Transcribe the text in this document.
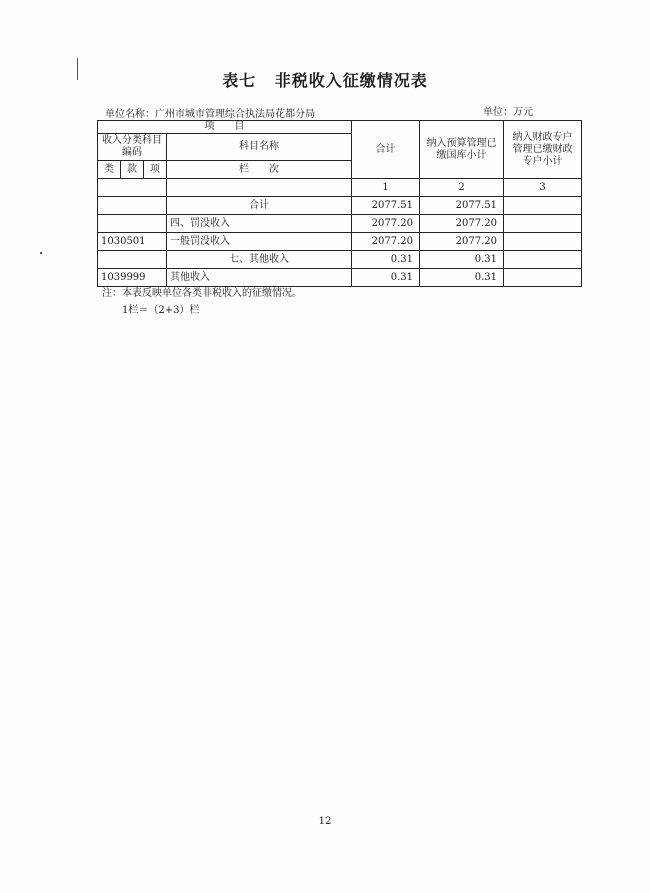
表七 非税收入征缴情况表
单位名称：广州市城市管理综合执法局花都分局	单位：万元
项　　目				合计	纳入预算管理已缴国库小计	纳入财政专户管理已缴财政专户小计
收入分类科目编码			科目名称			
类	款	项				
			栏　　次			
				1	2	3
			合计	2077.51	2077.51	
			四、罚没收入	2077.20	2077.20	
1030501			一般罚没收入	2077.20	2077.20	
			七、其他收入	0.31	0.31	
1039999			其他收入	0.31	0.31	
注：本表反映单位各类非税收入的征缴情况。
1栏＝（2+3）栏
12
